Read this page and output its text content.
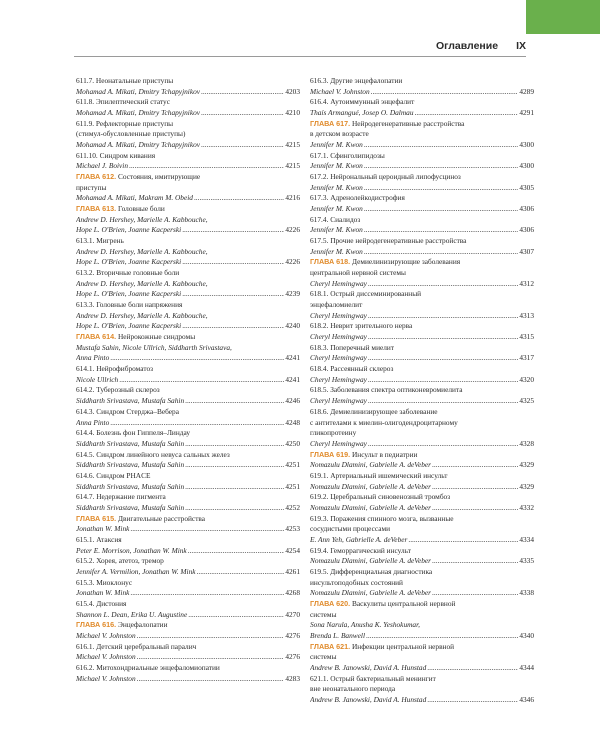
Оглавление IX
611.7. Неонатальные приступы
Mohamad A. Mikati, Dmitry Tchapyjnikov .....	4203
611.8. Эпилептический статус
Mohamad A. Mikati, Dmitry Tchapyjnikov .....	4210
611.9. Рефлекторные приступы
(стимул-обусловленные приступы)
Mohamad A. Mikati, Dmitry Tchapyjnikov .....	4215
611.10. Синдром кивания
Michael J. Boivin .....	4215
ГЛАВА 612. Состояния, имитирующие
приступы
Mohamad A. Mikati, Makram M. Obeid .....	4216
ГЛАВА 613. Головные боли
Andrew D. Hershey, Marielle A. Kabbouche,
Hope L. O'Brien, Joanne Kacperski .....	4226
613.1. Мигрень
Andrew D. Hershey, Marielle A. Kabbouche,
Hope L. O'Brien, Joanne Kacperski .....	4226
613.2. Вторичные головные боли
Andrew D. Hershey, Marielle A. Kabbouche,
Hope L. O'Brien, Joanne Kacperski .....	4239
613.3. Головные боли напряжения
Andrew D. Hershey, Marielle A. Kabbouche,
Hope L. O'Brien, Joanne Kacperski .....	4240
ГЛАВА 614. Нейрокожные синдромы
Mustafa Sahin, Nicole Ullrich, Siddharth Srivastava,
Anna Pinto .....	4241
614.1. Нейрофиброматоз
Nicole Ullrich .....	4241
614.2. Туберозный склероз
Siddharth Srivastava, Mustafa Sahin .....	4246
614.3. Синдром Стерджа–Вебера
Anna Pinto .....	4248
614.4. Болезнь фон Гиппеля–Линдау
Siddharth Srivastava, Mustafa Sahin .....	4250
614.5. Синдром линейного невуса сальных желез
Siddharth Srivastava, Mustafa Sahin .....	4251
614.6. Синдром PHACE
Siddharth Srivastava, Mustafa Sahin .....	4251
614.7. Недержание пигмента
Siddharth Srivastava, Mustafa Sahin .....	4252
ГЛАВА 615. Двигательные расстройства
Jonathan W. Mink .....	4253
615.1. Атаксия
Peter E. Morrison, Jonathan W. Mink .....	4254
615.2. Хорея, атетоз, тремор
Jennifer A. Vermilion, Jonathan W. Mink .....	4261
615.3. Миоклонус
Jonathan W. Mink .....	4268
615.4. Дистония
Shannon L. Dean, Erika U. Augustine .....	4270
ГЛАВА 616. Энцефалопатии
Michael V. Johnston .....	4276
616.1. Детский церебральный паралич
Michael V. Johnston .....	4276
616.2. Митохондриальные энцефаломиопатии
Michael V. Johnston .....	4283
616.3. Другие энцефалопатии
Michael V. Johnston .....	4289
616.4. Аутоиммунный энцефалит
Thaís Armangué, Josep O. Dalmau .....	4291
ГЛАВА 617. Нейродегенеративные расстройства
в детском возрасте
Jennifer M. Kwon .....	4300
617.1. Сфинголипидозы
Jennifer M. Kwon .....	4300
617.2. Нейрональный цероидный липофусциноз
Jennifer M. Kwon .....	4305
617.3. Адренолейкодистрофия
Jennifer M. Kwon .....	4306
617.4. Сиалидоз
Jennifer M. Kwon .....	4306
617.5. Прочие нейродегенеративные расстройства
Jennifer M. Kwon .....	4307
ГЛАВА 618. Демиелинизирующие заболевания
центральной нервной системы
Cheryl Hemingway .....	4312
618.1. Острый диссеминированный
энцефаломиелит
Cheryl Hemingway .....	4313
618.2. Неврит зрительного нерва
Cheryl Hemingway .....	4315
618.3. Поперечный миелит
Cheryl Hemingway .....	4317
618.4. Рассеянный склероз
Cheryl Hemingway .....	4320
618.5. Заболевания спектра оптиконевромиелита
Cheryl Hemingway .....	4325
618.6. Демиелинизирующее заболевание
с антителами к миелин-олигодендроцитарному
гликопротеину
Cheryl Hemingway .....	4328
ГЛАВА 619. Инсульт в педиатрии
Nomazulu Dlamini, Gabrielle A. deVeber .....	4329
619.1. Артериальный ишемический инсульт
Nomazulu Dlamini, Gabrielle A. deVeber .....	4329
619.2. Церебральный синовенозный тромбоз
Nomazulu Dlamini, Gabrielle A. deVeber .....	4332
619.3. Поражения спинного мозга, вызванные
сосудистыми процессами
E. Ann Yeh, Gabrielle A. deVeber .....	4334
619.4. Геморрагический инсульт
Nomazulu Dlamini, Gabrielle A. deVeber .....	4335
619.5. Дифференциальная диагностика
инсультоподобных состояний
Nomazulu Dlamini, Gabrielle A. deVeber .....	4338
ГЛАВА 620. Васкулиты центральной нервной
системы
Sona Narula, Anusha K. Yeshokumar,
Brenda L. Banwell .....	4340
ГЛАВА 621. Инфекции центральной нервной
системы
Andrew B. Janowski, David A. Hunstad .....	4344
621.1. Острый бактериальный менингит
вне неонатального периода
Andrew B. Janowski, David A. Hunstad .....	4346
